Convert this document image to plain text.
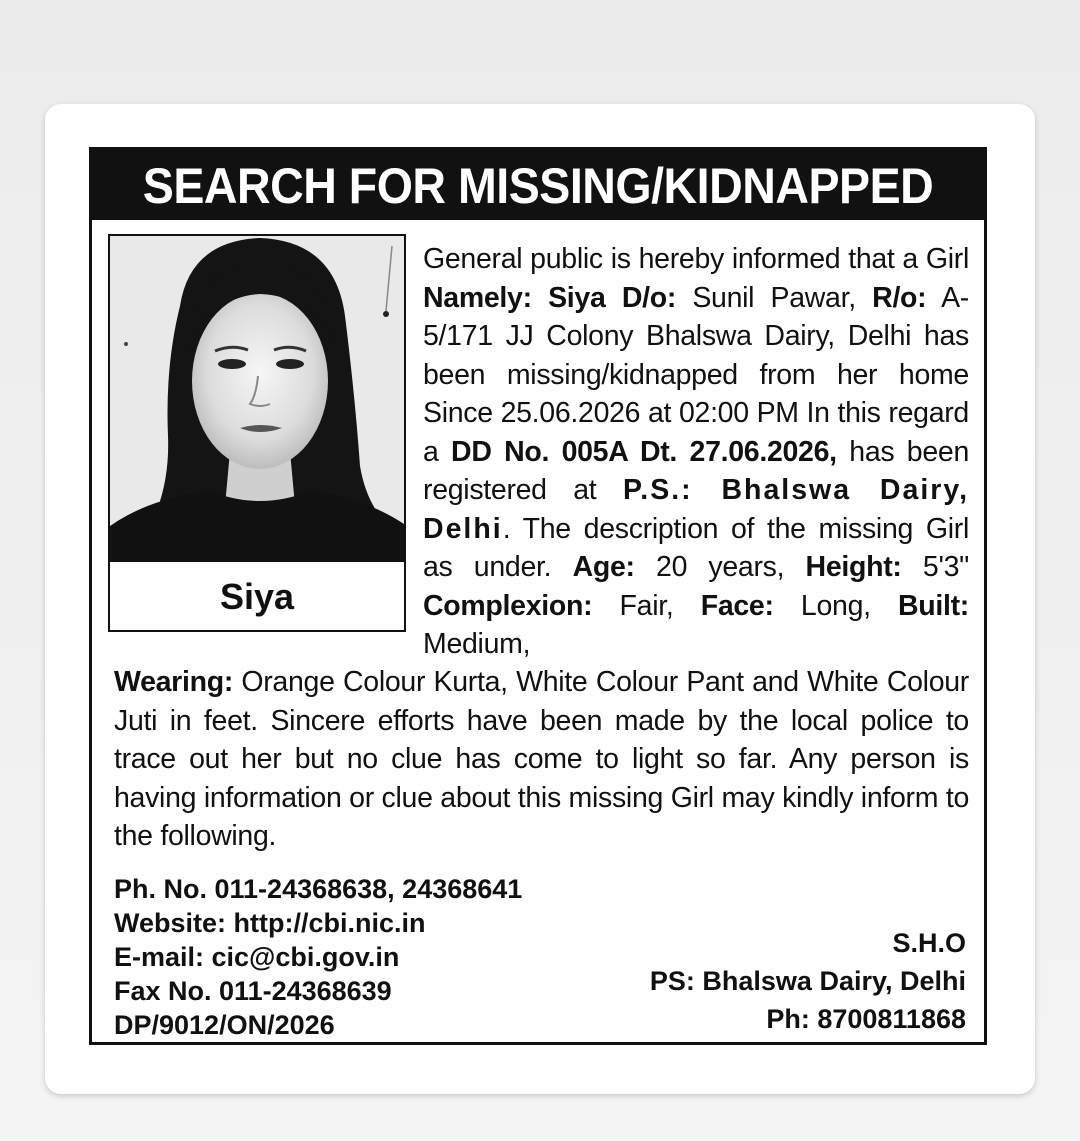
SEARCH FOR MISSING/KIDNAPPED
Siya
General public is hereby informed that a Girl Namely: Siya D/o: Sunil Pawar, R/o: A-5/171 JJ Colony Bhalswa Dairy, Delhi has been missing/kidnapped from her home Since 25.06.2026 at 02:00 PM In this regard a DD No. 005A Dt. 27.06.2026, has been registered at P.S.: Bhalswa Dairy, Delhi. The description of the missing Girl as under. Age: 20 years, Height: 5'3" Complexion: Fair, Face: Long, Built: Medium,
Wearing: Orange Colour Kurta, White Colour Pant and White Colour Juti in feet. Sincere efforts have been made by the local police to trace out her but no clue has come to light so far. Any person is having information or clue about this missing Girl may kindly inform to the following.
Ph. No. 011-24368638, 24368641
Website: http://cbi.nic.in
E-mail: cic@cbi.gov.in
Fax No. 011-24368639
DP/9012/ON/2026
S.H.O
PS: Bhalswa Dairy, Delhi
Ph: 8700811868
